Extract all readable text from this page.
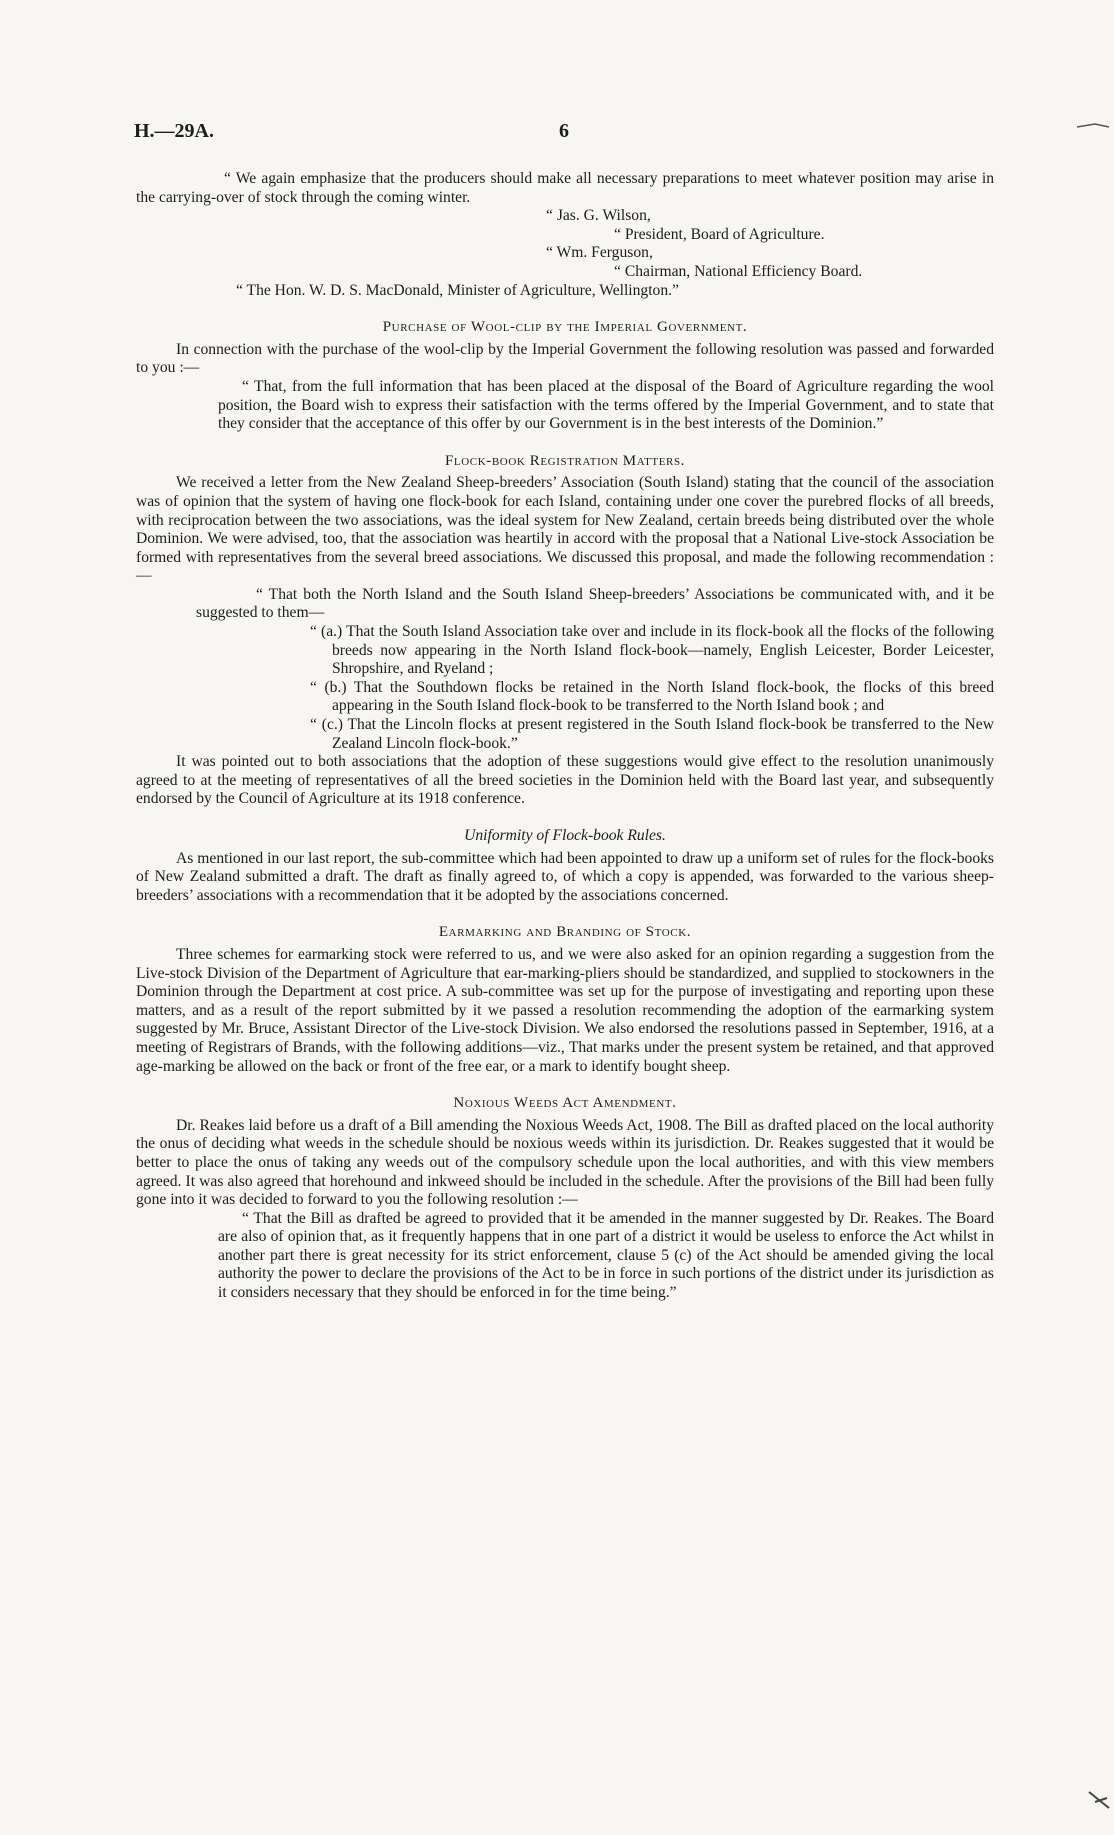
H.—29A.	6

“ We again emphasize that the producers should make all necessary preparations to meet whatever position may arise in the carrying-over of stock through the coming winter.

“ Jas. G. Wilson,

“ President, Board of Agriculture.

“ Wm. Ferguson,

“ Chairman, National Efficiency Board.

“ The Hon. W. D. S. MacDonald, Minister of Agriculture, Wellington.”

Purchase of Wool-clip by the Imperial Government.

In connection with the purchase of the wool-clip by the Imperial Government the following resolution was passed and forwarded to you :—

“ That, from the full information that has been placed at the disposal of the Board of Agriculture regarding the wool position, the Board wish to express their satisfaction with the terms offered by the Imperial Government, and to state that they consider that the acceptance of this offer by our Government is in the best interests of the Dominion.”

Flock-book Registration Matters.

We received a letter from the New Zealand Sheep-breeders’ Association (South Island) stating that the council of the association was of opinion that the system of having one flock-book for each Island, containing under one cover the purebred flocks of all breeds, with reciprocation between the two associations, was the ideal system for New Zealand, certain breeds being distributed over the whole Dominion. We were advised, too, that the association was heartily in accord with the proposal that a National Live-stock Association be formed with representatives from the several breed associations. We discussed this proposal, and made the following recommendation :—

“ That both the North Island and the South Island Sheep-breeders’ Associations be communicated with, and it be suggested to them—

“ (a.) That the South Island Association take over and include in its flock-book all the flocks of the following breeds now appearing in the North Island flock-book—namely, English Leicester, Border Leicester, Shropshire, and Ryeland ;

“ (b.) That the Southdown flocks be retained in the North Island flock-book, the flocks of this breed appearing in the South Island flock-book to be transferred to the North Island book ; and

“ (c.) That the Lincoln flocks at present registered in the South Island flock-book be transferred to the New Zealand Lincoln flock-book.”

It was pointed out to both associations that the adoption of these suggestions would give effect to the resolution unanimously agreed to at the meeting of representatives of all the breed societies in the Dominion held with the Board last year, and subsequently endorsed by the Council of Agriculture at its 1918 conference.

Uniformity of Flock-book Rules.

As mentioned in our last report, the sub-committee which had been appointed to draw up a uniform set of rules for the flock-books of New Zealand submitted a draft. The draft as finally agreed to, of which a copy is appended, was forwarded to the various sheep-breeders’ associations with a recommendation that it be adopted by the associations concerned.

Earmarking and Branding of Stock.

Three schemes for earmarking stock were referred to us, and we were also asked for an opinion regarding a suggestion from the Live-stock Division of the Department of Agriculture that ear-marking-pliers should be standardized, and supplied to stockowners in the Dominion through the Department at cost price. A sub-committee was set up for the purpose of investigating and reporting upon these matters, and as a result of the report submitted by it we passed a resolution recommending the adoption of the earmarking system suggested by Mr. Bruce, Assistant Director of the Live-stock Division. We also endorsed the resolutions passed in September, 1916, at a meeting of Registrars of Brands, with the following additions—viz., That marks under the present system be retained, and that approved age-marking be allowed on the back or front of the free ear, or a mark to identify bought sheep.

Noxious Weeds Act Amendment.

Dr. Reakes laid before us a draft of a Bill amending the Noxious Weeds Act, 1908. The Bill as drafted placed on the local authority the onus of deciding what weeds in the schedule should be noxious weeds within its jurisdiction. Dr. Reakes suggested that it would be better to place the onus of taking any weeds out of the compulsory schedule upon the local authorities, and with this view members agreed. It was also agreed that horehound and inkweed should be included in the schedule. After the provisions of the Bill had been fully gone into it was decided to forward to you the following resolution :—

“ That the Bill as drafted be agreed to provided that it be amended in the manner suggested by Dr. Reakes. The Board are also of opinion that, as it frequently happens that in one part of a district it would be useless to enforce the Act whilst in another part there is great necessity for its strict enforcement, clause 5 (c) of the Act should be amended giving the local authority the power to declare the provisions of the Act to be in force in such portions of the district under its jurisdiction as it considers necessary that they should be enforced in for the time being.”
